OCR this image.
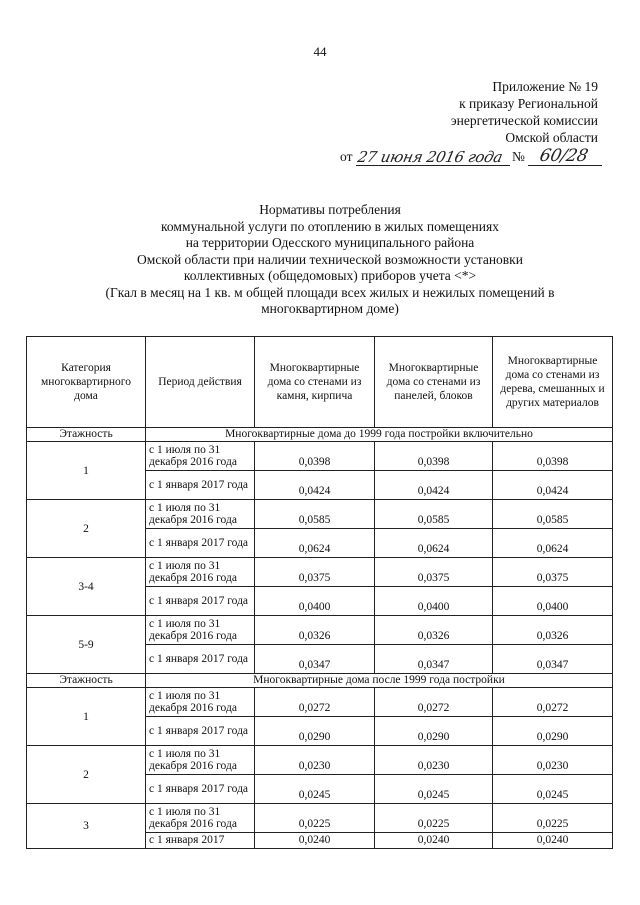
44
Приложение № 19
к приказу Региональной
энергетической комиссии
Омской области
от 27 июня 2016 года № 60/28
Нормативы потребления
коммунальной услуги по отоплению в жилых помещениях
на территории Одесского муниципального района
Омской области при наличии технической возможности установки
коллективных (общедомовых) приборов учета <*>
(Гкал в месяц на 1 кв. м общей площади всех жилых и нежилых помещений в
многоквартирном доме)
Категория многоквартирного дома	Период действия	Многоквартирные дома со стенами из камня, кирпича	Многоквартирные дома со стенами из панелей, блоков	Многоквартирные дома со стенами из дерева, смешанных и других материалов
Этажность	Многоквартирные дома до 1999 года постройки включительно			
1	с 1 июля по 31 декабря 2016 года	0,0398	0,0398	0,0398
	с 1 января 2017 года	0,0424	0,0424	0,0424
2	с 1 июля по 31 декабря 2016 года	0,0585	0,0585	0,0585
	с 1 января 2017 года	0,0624	0,0624	0,0624
3-4	с 1 июля по 31 декабря 2016 года	0,0375	0,0375	0,0375
	с 1 января 2017 года	0,0400	0,0400	0,0400
5-9	с 1 июля по 31 декабря 2016 года	0,0326	0,0326	0,0326
	с 1 января 2017 года	0,0347	0,0347	0,0347
Этажность	Многоквартирные дома после 1999 года постройки			
1	с 1 июля по 31 декабря 2016 года	0,0272	0,0272	0,0272
	с 1 января 2017 года	0,0290	0,0290	0,0290
2	с 1 июля по 31 декабря 2016 года	0,0230	0,0230	0,0230
	с 1 января 2017 года	0,0245	0,0245	0,0245
3	с 1 июля по 31 декабря 2016 года	0,0225	0,0225	0,0225
	с 1 января 2017	0,0240	0,0240	0,0240
